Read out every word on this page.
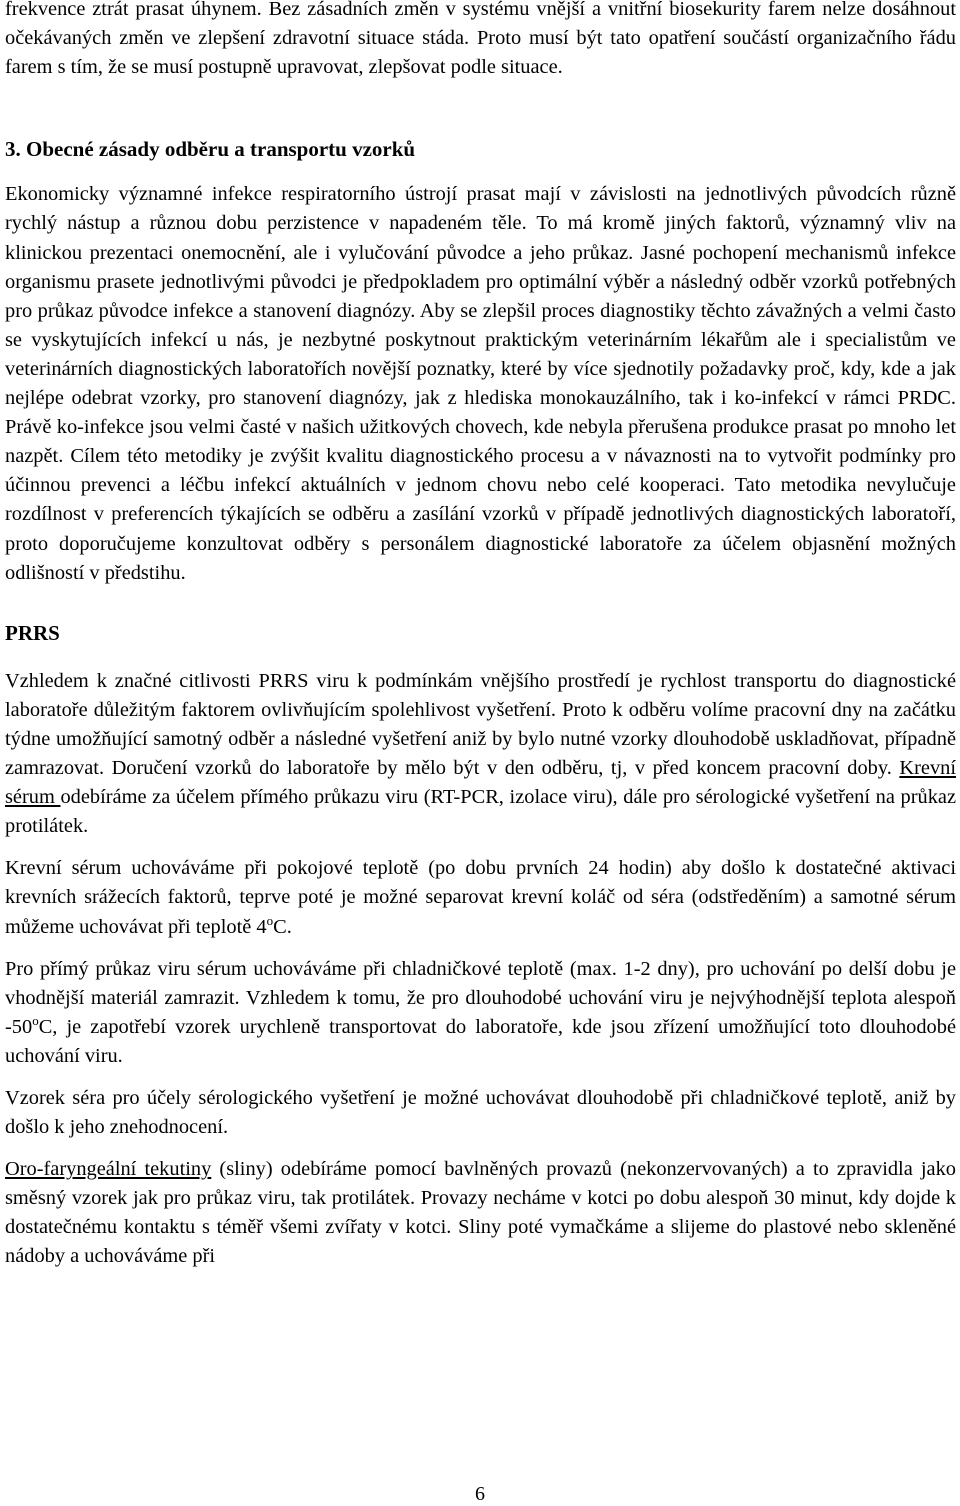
frekvence ztrát prasat úhynem. Bez zásadních změn v systému vnější a vnitřní biosekurity farem nelze dosáhnout očekávaných změn ve zlepšení zdravotní situace stáda. Proto musí být tato opatření součástí organizačního řádu farem s tím, že se musí postupně upravovat, zlepšovat podle situace.

3. Obecné zásady odběru a transportu vzorků

Ekonomicky významné infekce respiratorního ústrojí prasat mají v závislosti na jednotlivých původcích různě rychlý nástup a různou dobu perzistence v napadeném těle. To má kromě jiných faktorů, významný vliv na klinickou prezentaci onemocnění, ale i vylučování původce a jeho průkaz. Jasné pochopení mechanismů infekce organismu prasete jednotlivými původci je předpokladem pro optimální výběr a následný odběr vzorků potřebných pro průkaz původce infekce a stanovení diagnózy. Aby se zlepšil proces diagnostiky těchto závažných a velmi často se vyskytujících infekcí u nás, je nezbytné poskytnout praktickým veterinárním lékařům ale i specialistům ve veterinárních diagnostických laboratořích novější poznatky, které by více sjednotily požadavky proč, kdy, kde a jak nejlépe odebrat vzorky, pro stanovení diagnózy, jak z hlediska monokauzálního, tak i ko-infekcí v rámci PRDC. Právě ko-infekce jsou velmi časté v našich užitkových chovech, kde nebyla přerušena produkce prasat po mnoho let nazpět. Cílem této metodiky je zvýšit kvalitu diagnostického procesu a v návaznosti na to vytvořit podmínky pro účinnou prevenci a léčbu infekcí aktuálních v jednom chovu nebo celé kooperaci. Tato metodika nevylučuje rozdílnost v preferencích týkajících se odběru a zasílání vzorků v případě jednotlivých diagnostických laboratoří, proto doporučujeme konzultovat odběry s personálem diagnostické laboratoře za účelem objasnění možných odlišností v předstihu.

PRRS

Vzhledem k značné citlivosti PRRS viru k podmínkám vnějšího prostředí je rychlost transportu do diagnostické laboratoře důležitým faktorem ovlivňujícím spolehlivost vyšetření. Proto k odběru volíme pracovní dny na začátku týdne umožňující samotný odběr a následné vyšetření aniž by bylo nutné vzorky dlouhodobě uskladňovat, případně zamrazovat. Doručení vzorků do laboratoře by mělo být v den odběru, tj, v před koncem pracovní doby. Krevní sérum odebíráme za účelem přímého průkazu viru (RT-PCR, izolace viru), dále pro sérologické vyšetření na průkaz protilátek.

Krevní sérum uchováváme při pokojové teplotě (po dobu prvních 24 hodin) aby došlo k dostatečné aktivaci krevních srážecích faktorů, teprve poté je možné separovat krevní koláč od séra (odstředěním) a samotné sérum můžeme uchovávat při teplotě 4$^o$C.

Pro přímý průkaz viru sérum uchováváme při chladničkové teplotě (max. 1-2 dny), pro uchování po delší dobu je vhodnější materiál zamrazit. Vzhledem k tomu, že pro dlouhodobé uchování viru je nejvýhodnější teplota alespoň -50$^o$C, je zapotřebí vzorek urychleně transportovat do laboratoře, kde jsou zřízení umožňující toto dlouhodobé uchování viru.

Vzorek séra pro účely sérologického vyšetření je možné uchovávat dlouhodobě při chladničkové teplotě, aniž by došlo k jeho znehodnocení.

Oro-faryngeální tekutiny (sliny) odebíráme pomocí bavlněných provazů (nekonzervovaných) a to zpravidla jako směsný vzorek jak pro průkaz viru, tak protilátek. Provazy necháme v kotci po dobu alespoň 30 minut, kdy dojde k dostatečnému kontaktu s téměř všemi zvířaty v kotci. Sliny poté vymačkáme a slijeme do plastové nebo skleněné nádoby a uchováváme při

6
